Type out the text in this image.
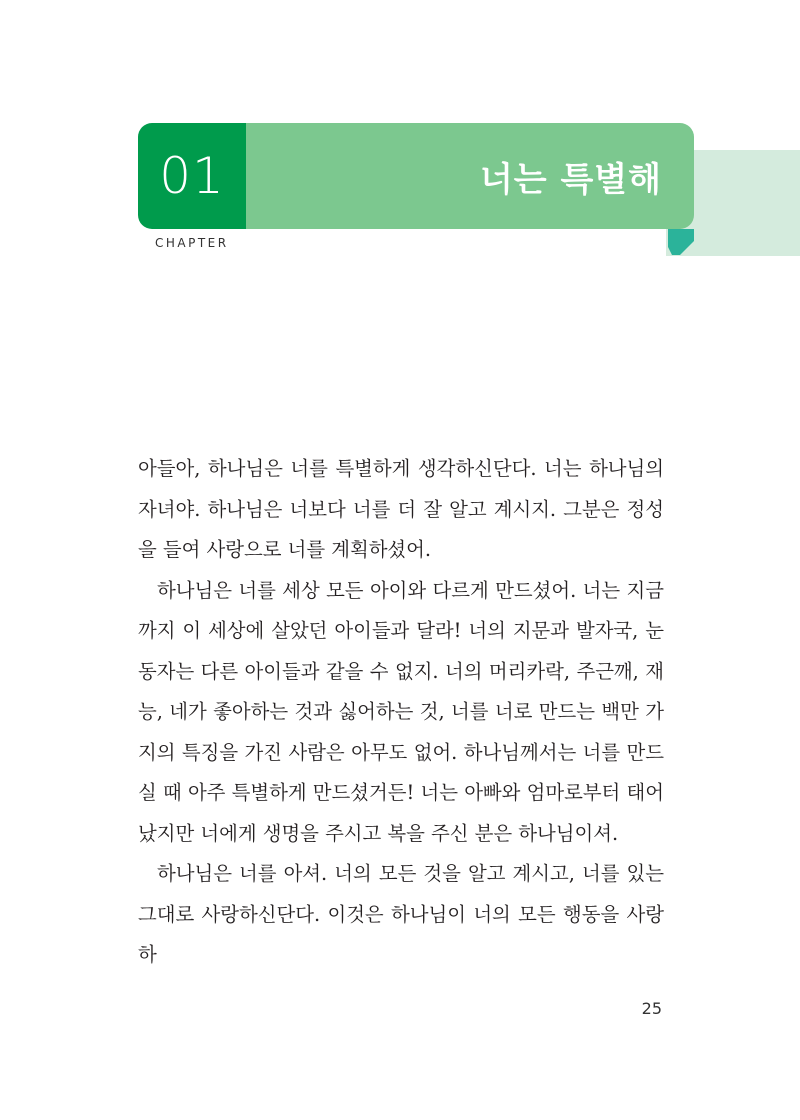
01	너는 특별해
CHAPTER

아들아, 하나님은 너를 특별하게 생각하신단다. 너는 하나님의 자녀야. 하나님은 너보다 너를 더 잘 알고 계시지. 그분은 정성을 들여 사랑으로 너를 계획하셨어.

하나님은 너를 세상 모든 아이와 다르게 만드셨어. 너는 지금까지 이 세상에 살았던 아이들과 달라! 너의 지문과 발자국, 눈동자는 다른 아이들과 같을 수 없지. 너의 머리카락, 주근깨, 재능, 네가 좋아하는 것과 싫어하는 것, 너를 너로 만드는 백만 가지의 특징을 가진 사람은 아무도 없어. 하나님께서는 너를 만드실 때 아주 특별하게 만드셨거든! 너는 아빠와 엄마로부터 태어났지만 너에게 생명을 주시고 복을 주신 분은 하나님이셔.

하나님은 너를 아셔. 너의 모든 것을 알고 계시고, 너를 있는 그대로 사랑하신단다. 이것은 하나님이 너의 모든 행동을 사랑하

25
